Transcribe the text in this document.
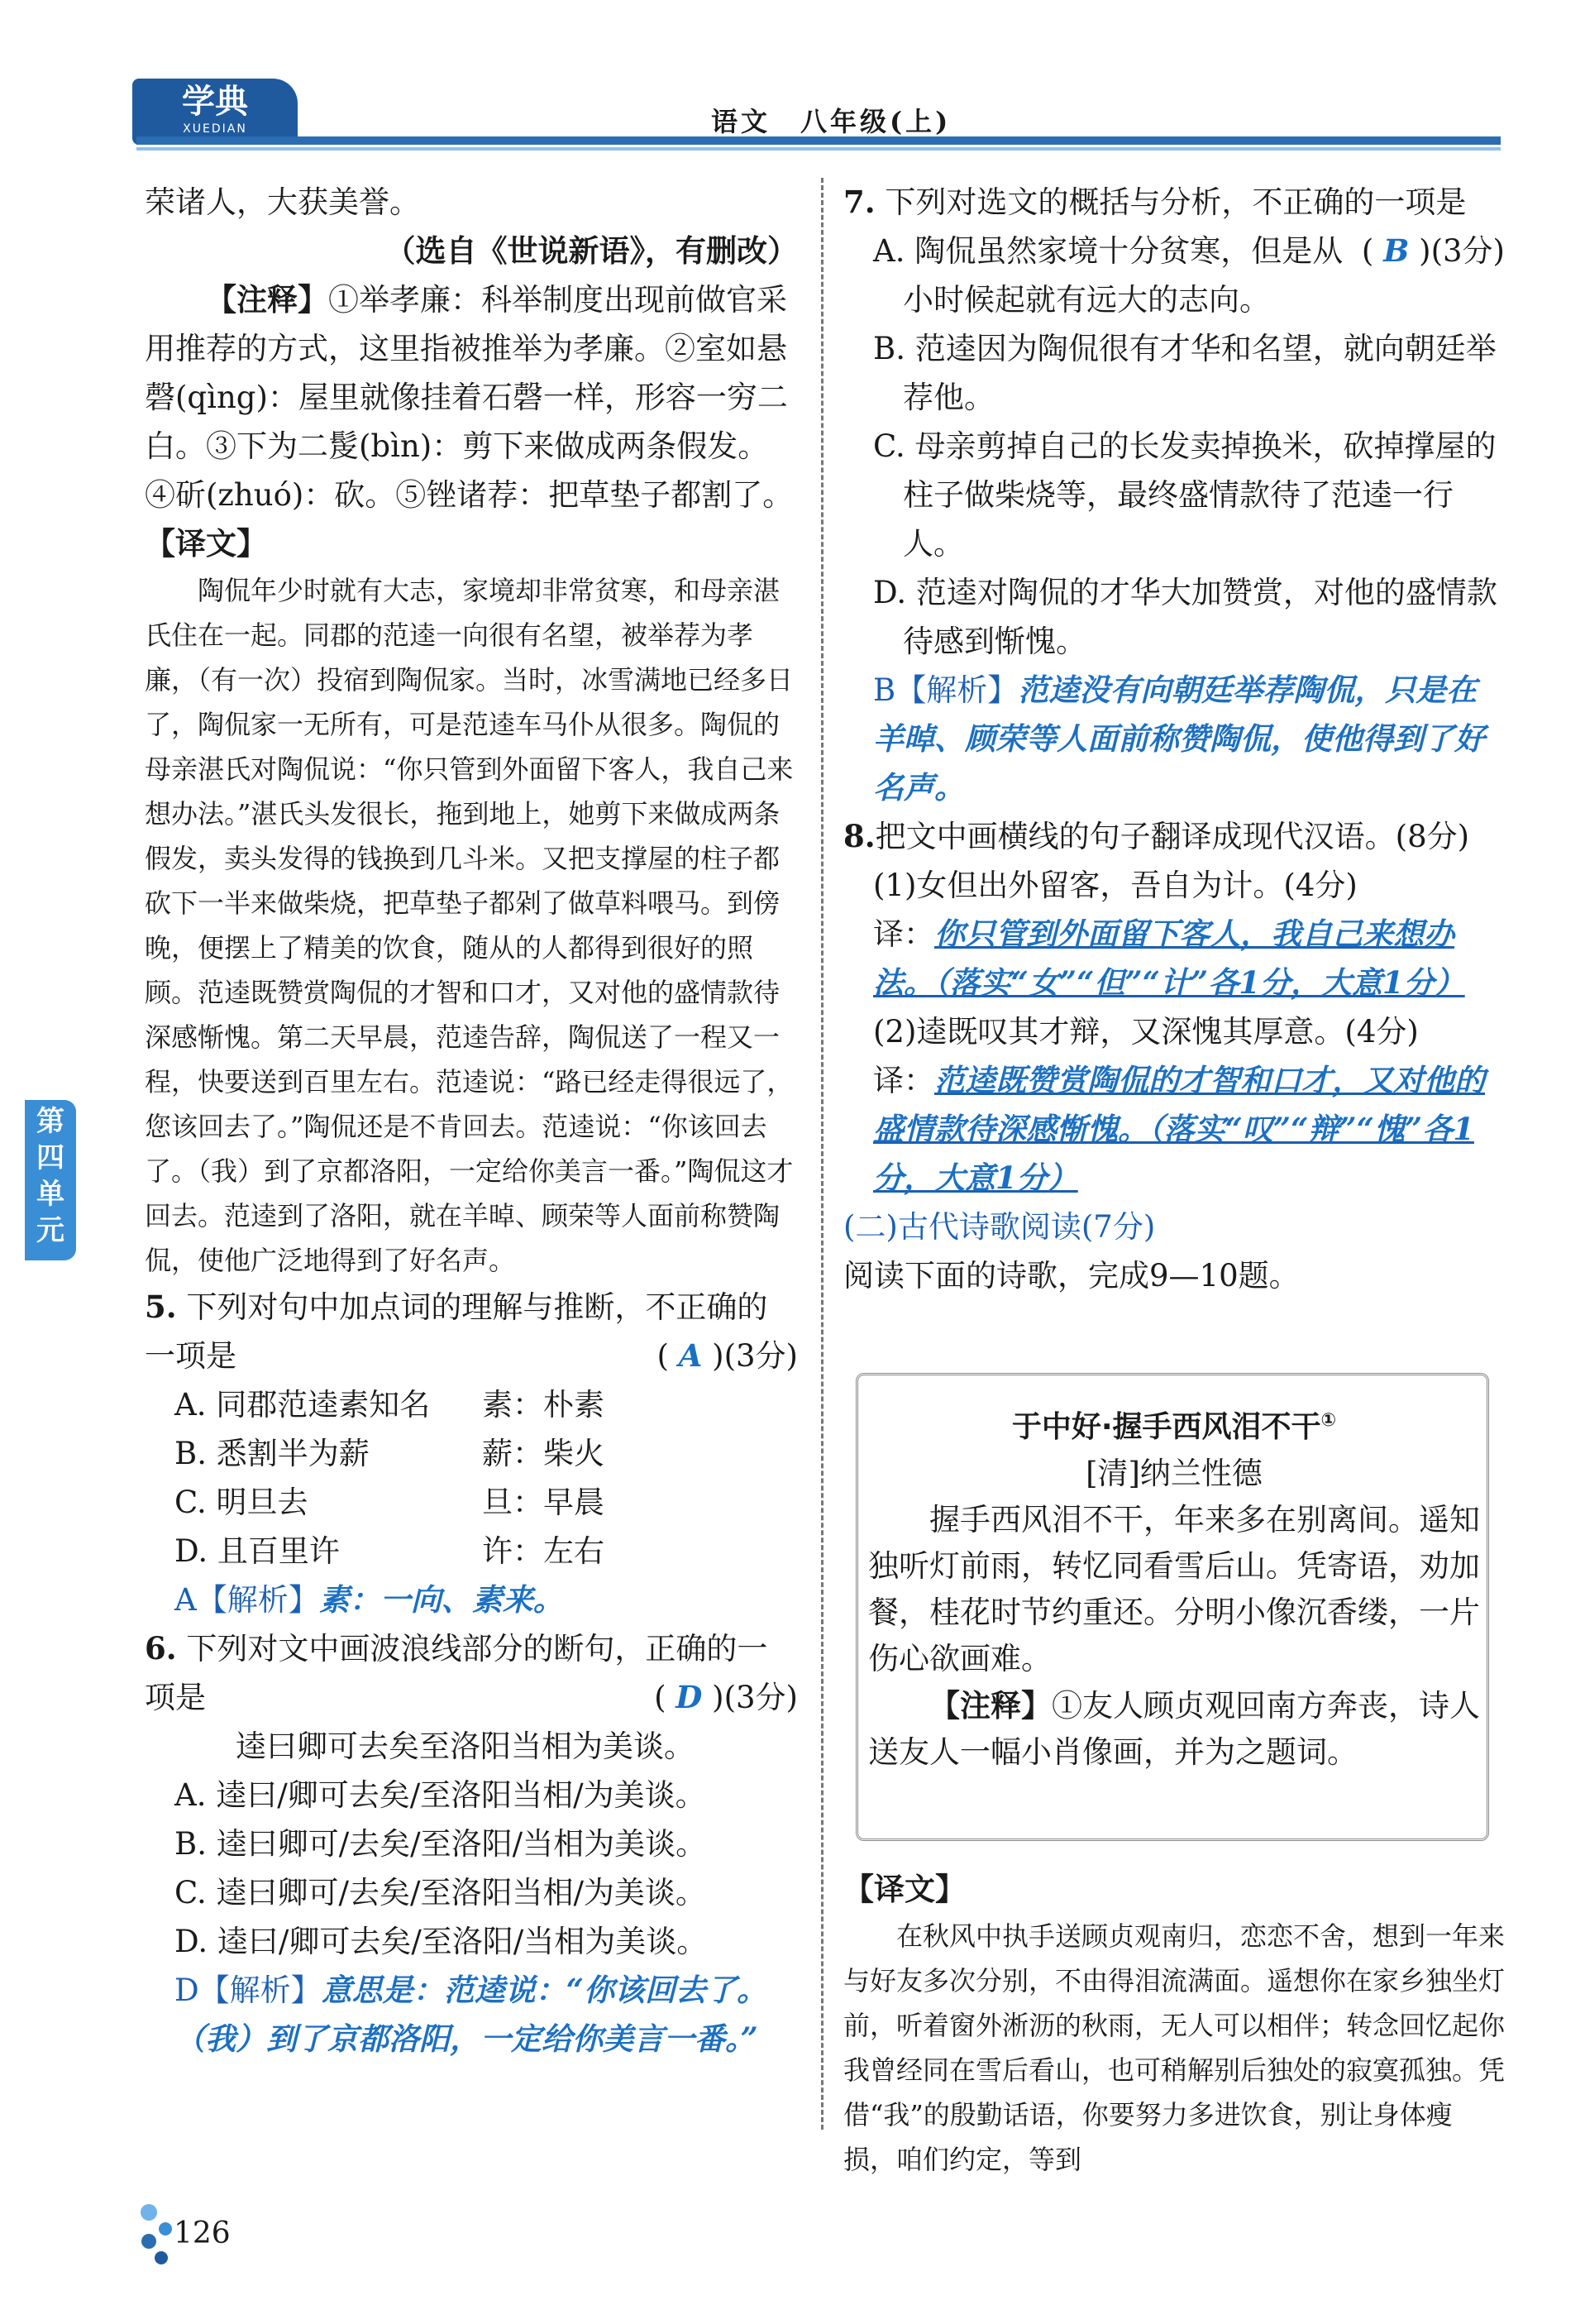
学典
XUEDIAN	语文　八年级(上)
第四单元

荣诸人，大获美誉。

（选自《世说新语》，有删改）

【注释】①举孝廉：科举制度出现前做官采用推荐的方式，这里指被推举为孝廉。②室如悬磬(qìng)：屋里就像挂着石磬一样，形容一穷二白。③下为二髲(bìn)：剪下来做成两条假发。④斫(zhuó)：砍。⑤锉诸荐：把草垫子都割了。

【译文】

陶侃年少时就有大志，家境却非常贫寒，和母亲湛氏住在一起。同郡的范逵一向很有名望，被举荐为孝廉，（有一次）投宿到陶侃家。当时，冰雪满地已经多日了，陶侃家一无所有，可是范逵车马仆从很多。陶侃的母亲湛氏对陶侃说：“你只管到外面留下客人，我自己来想办法。”湛氏头发很长，拖到地上，她剪下来做成两条假发，卖头发得的钱换到几斗米。又把支撑屋的柱子都砍下一半来做柴烧，把草垫子都剁了做草料喂马。到傍晚，便摆上了精美的饮食，随从的人都得到很好的照顾。范逵既赞赏陶侃的才智和口才，又对他的盛情款待深感惭愧。第二天早晨，范逵告辞，陶侃送了一程又一程，快要送到百里左右。范逵说：“路已经走得很远了，您该回去了。”陶侃还是不肯回去。范逵说：“你该回去了。（我）到了京都洛阳，一定给你美言一番。”陶侃这才回去。范逵到了洛阳，就在羊晫、顾荣等人面前称赞陶侃，使他广泛地得到了好名声。

5. 下列对句中加点词的理解与推断，不正确的一项是	( A )(3分)

A. 同郡范逵素知名 素：朴素
B. 悉割半为薪	薪：柴火
C. 明旦去	旦：早晨
D. 且百里许	许：左右

A【解析】素：一向、素来。

6. 下列对文中画波浪线部分的断句，正确的一项是	( D )(3分)

逵曰卿可去矣至洛阳当相为美谈。

A. 逵曰/卿可去矣/至洛阳当相/为美谈。

B. 逵曰卿可/去矣/至洛阳/当相为美谈。

C. 逵曰卿可/去矣/至洛阳当相/为美谈。

D. 逵曰/卿可去矣/至洛阳/当相为美谈。

D【解析】意思是：范逵说：“你该回去了。（我）到了京都洛阳，一定给你美言一番。”

7. 下列对选文的概括与分析，不正确的一项是
( B )(3分)

A. 陶侃虽然家境十分贫寒，但是从小时候起就有远大的志向。

B. 范逵因为陶侃很有才华和名望，就向朝廷举荐他。

C. 母亲剪掉自己的长发卖掉换米，砍掉撑屋的柱子做柴烧等，最终盛情款待了范逵一行人。

D. 范逵对陶侃的才华大加赞赏，对他的盛情款待感到惭愧。

B【解析】范逵没有向朝廷举荐陶侃，只是在羊晫、顾荣等人面前称赞陶侃，使他得到了好名声。

8.把文中画横线的句子翻译成现代汉语。(8分)

(1)女但出外留客，吾自为计。(4分)

译：你只管到外面留下客人，我自己来想办法。（落实“女”“但”“计”各1分，大意1分）

(2)逵既叹其才辩，又深愧其厚意。(4分)

译：范逵既赞赏陶侃的才智和口才，又对他的盛情款待深感惭愧。（落实“叹”“辩”“愧”各1分，大意1分）

(二)古代诗歌阅读(7分)

阅读下面的诗歌，完成9—10题。

于中好·握手西风泪不干①

[清]纳兰性德

握手西风泪不干，年来多在别离间。遥知独听灯前雨，转忆同看雪后山。凭寄语，劝加餐，桂花时节约重还。分明小像沉香缕，一片伤心欲画难。

【注释】①友人顾贞观回南方奔丧，诗人送友人一幅小肖像画，并为之题词。

【译文】

在秋风中执手送顾贞观南归，恋恋不舍，想到一年来与好友多次分别，不由得泪流满面。遥想你在家乡独坐灯前，听着窗外淅沥的秋雨，无人可以相伴；转念回忆起你我曾经同在雪后看山，也可稍解别后独处的寂寞孤独。凭借“我”的殷勤话语，你要努力多进饮食，别让身体瘦损，咱们约定，等到

126
